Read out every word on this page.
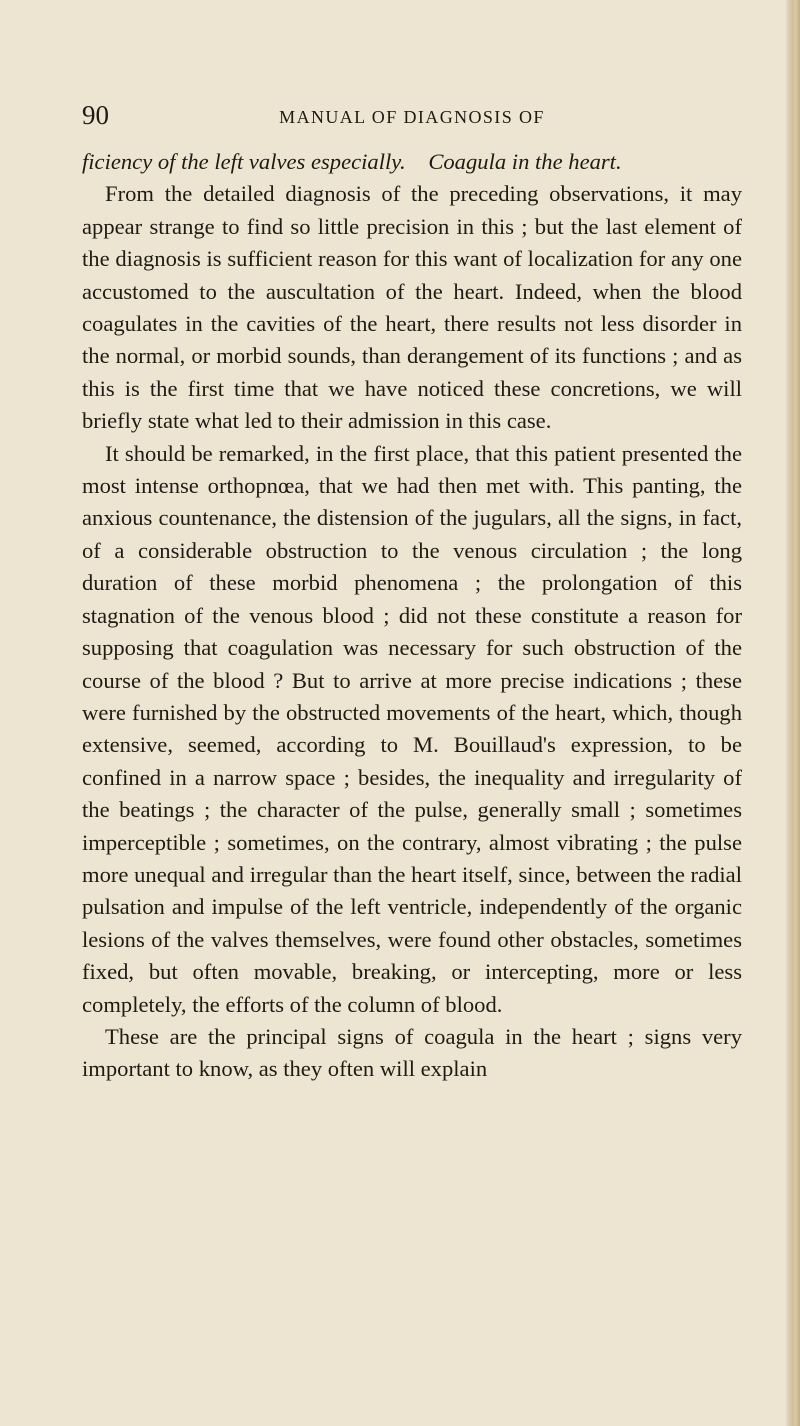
90	MANUAL OF DIAGNOSIS OF

ficiency of the left valves especially. Coagula in the heart.

From the detailed diagnosis of the preceding observations, it may appear strange to find so little precision in this ; but the last element of the diagnosis is sufficient reason for this want of localization for any one accustomed to the auscultation of the heart. Indeed, when the blood coagulates in the cavities of the heart, there results not less disorder in the normal, or morbid sounds, than derangement of its functions ; and as this is the first time that we have noticed these concretions, we will briefly state what led to their admission in this case.

It should be remarked, in the first place, that this patient presented the most intense orthopnœa, that we had then met with. This panting, the anxious countenance, the distension of the jugulars, all the signs, in fact, of a considerable obstruction to the venous circulation ; the long duration of these morbid phenomena ; the prolongation of this stagnation of the venous blood ; did not these constitute a reason for supposing that coagulation was necessary for such obstruction of the course of the blood ? But to arrive at more precise indications ; these were furnished by the obstructed movements of the heart, which, though extensive, seemed, according to M. Bouillaud's expression, to be confined in a narrow space ; besides, the inequality and irregularity of the beatings ; the character of the pulse, generally small ; sometimes imperceptible ; sometimes, on the contrary, almost vibrating ; the pulse more unequal and irregular than the heart itself, since, between the radial pulsation and impulse of the left ventricle, independently of the organic lesions of the valves themselves, were found other obstacles, sometimes fixed, but often movable, breaking, or intercepting, more or less completely, the efforts of the column of blood.

These are the principal signs of coagula in the heart ; signs very important to know, as they often will explain
